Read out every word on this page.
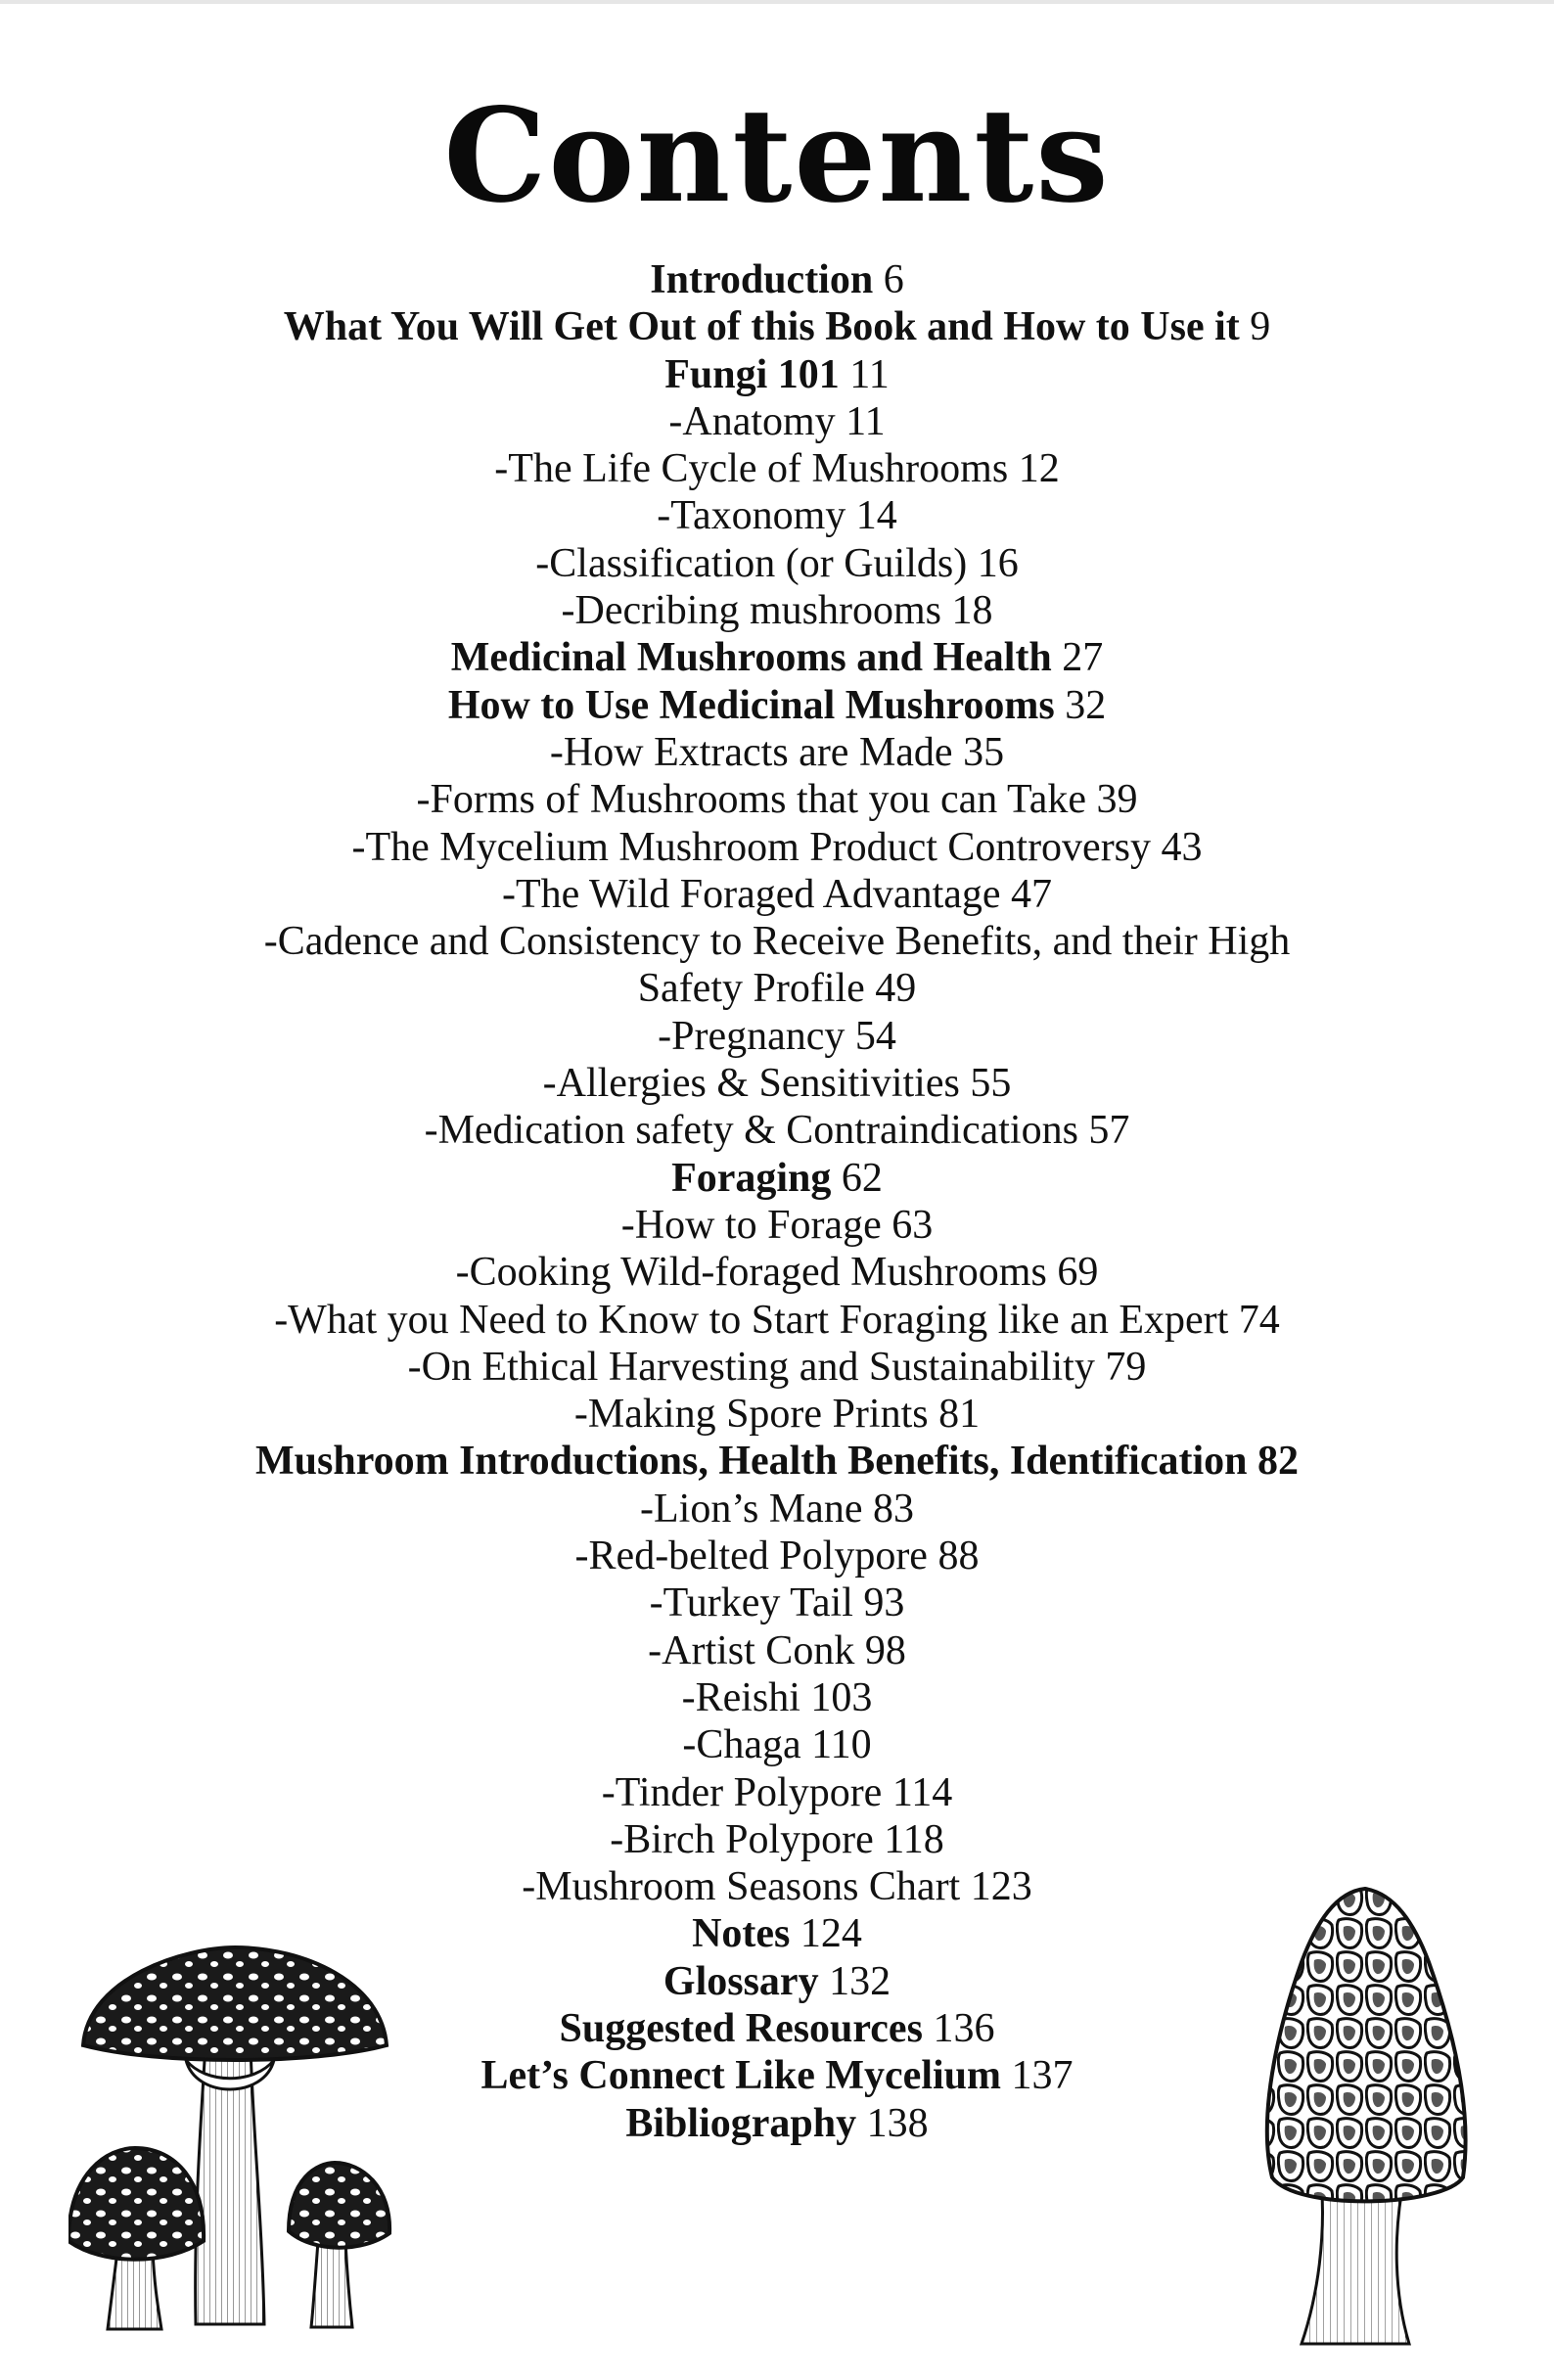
Contents
Introduction 6
What You Will Get Out of this Book and How to Use it 9
Fungi 101 11
-Anatomy 11
-The Life Cycle of Mushrooms 12
-Taxonomy 14
-Classification (or Guilds) 16
-Decribing mushrooms 18
Medicinal Mushrooms and Health 27
How to Use Medicinal Mushrooms 32
-How Extracts are Made 35
-Forms of Mushrooms that you can Take 39
-The Mycelium Mushroom Product Controversy 43
-The Wild Foraged Advantage 47
-Cadence and Consistency to Receive Benefits, and their High
Safety Profile 49
-Pregnancy 54
-Allergies & Sensitivities 55
-Medication safety & Contraindications 57
Foraging 62
-How to Forage 63
-Cooking Wild-foraged Mushrooms 69
-What you Need to Know to Start Foraging like an Expert 74
-On Ethical Harvesting and Sustainability 79
-Making Spore Prints 81
Mushroom Introductions, Health Benefits, Identification 82
-Lion’s Mane 83
-Red-belted Polypore 88
-Turkey Tail 93
-Artist Conk 98
-Reishi 103
-Chaga 110
-Tinder Polypore 114
-Birch Polypore 118
-Mushroom Seasons Chart 123
Notes 124
Glossary 132
Suggested Resources 136
Let’s Connect Like Mycelium 137
Bibliography 138
